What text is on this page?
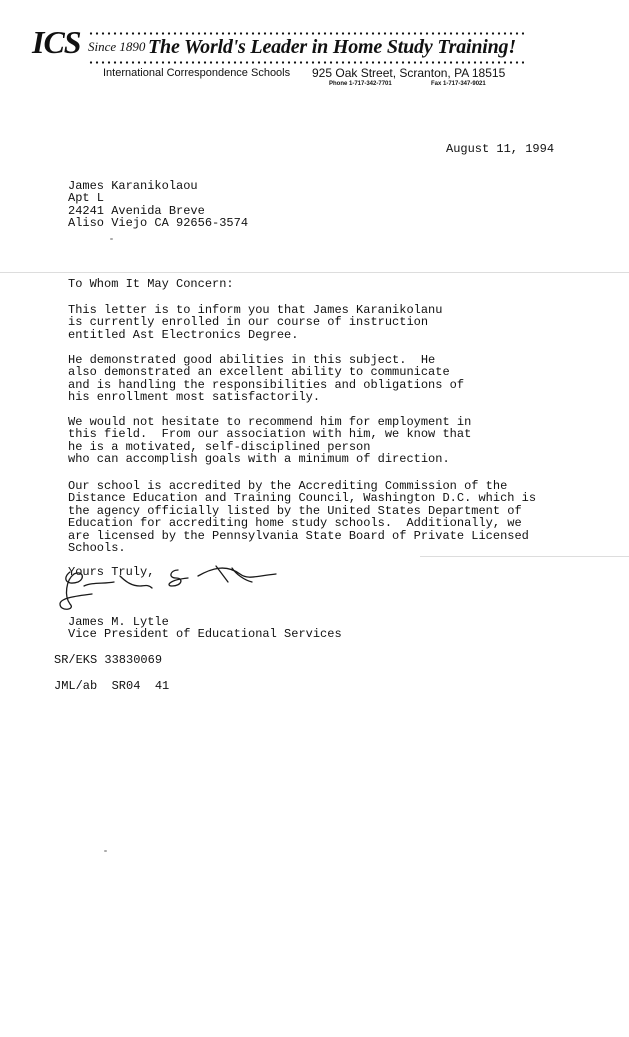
ICS Since 1890 The World's Leader in Home Study Training!
International Correspondence Schools 925 Oak Street, Scranton, PA 18515
Phone 1-717-342-7701	Fax 1-717-347-9021
August 11, 1994
James Karanikolaou
Apt L
24241 Avenida Breve
Aliso Viejo CA 92656-3574
To Whom It May Concern:
This letter is to inform you that James Karanikolanu
is currently enrolled in our course of instruction
entitled Ast Electronics Degree.
He demonstrated good abilities in this subject.  He
also demonstrated an excellent ability to communicate
and is handling the responsibilities and obligations of
his enrollment most satisfactorily.
We would not hesitate to recommend him for employment in
this field.  From our association with him, we know that
he is a motivated, self-disciplined person
who can accomplish goals with a minimum of direction.
Our school is accredited by the Accrediting Commission of the
Distance Education and Training Council, Washington D.C. which is
the agency officially listed by the United States Department of
Education for accrediting home study schools.  Additionally, we
are licensed by the Pennsylvania State Board of Private Licensed
Schools.
Yours Truly,
James M. Lytle
Vice President of Educational Services
SR/EKS 33830069
JML/ab  SR04  41
